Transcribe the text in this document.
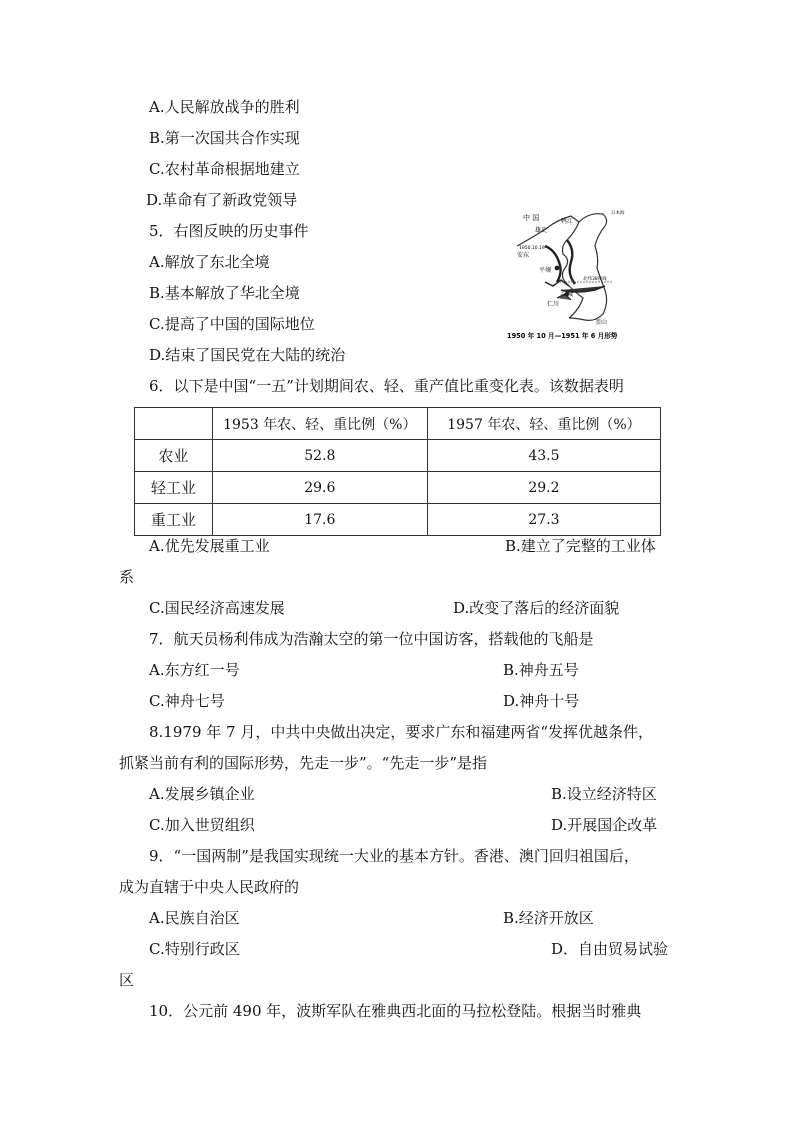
A.人民解放战争的胜利
B.第一次国共合作实现
C.农村革命根据地建立
D.革命有了新政党领导
5．右图反映的历史事件
A.解放了东北全境
B.基本解放了华北全境
C.提高了中国的国际地位
D.结束了国民党在大陆的统治
中 国	鸭江
雄史
日本海
1950.10.19
安东
平壤
北纬38度线
汉城
仁川
釜山
1950 年 10 月—1951 年 6 月形势
6．以下是中国“一五”计划期间农、轻、重产值比重变化表。该数据表明
	1953 年农、轻、重比例（%）	1957 年农、轻、重比例（%）
农业	52.8	43.5
轻工业	29.6	29.2
重工业	17.6	27.3
A.优先发展重工业	B.建立了完整的工业体
系
C.国民经济高速发展	D.改变了落后的经济面貌
7．航天员杨利伟成为浩瀚太空的第一位中国访客，搭载他的飞船是
A.东方红一号	B.神舟五号
C.神舟七号	D.神舟十号
8.1979 年 7 月，中共中央做出决定，要求广东和福建两省“发挥优越条件，
抓紧当前有利的国际形势，先走一步”。“先走一步”是指
A.发展乡镇企业	B.设立经济特区
C.加入世贸组织	D.开展国企改革
9．“一国两制”是我国实现统一大业的基本方针。香港、澳门回归祖国后，
成为直辖于中央人民政府的
A.民族自治区	B.经济开放区
C.特别行政区	D．自由贸易试验
区
10．公元前 490 年，波斯军队在雅典西北面的马拉松登陆。根据当时雅典
